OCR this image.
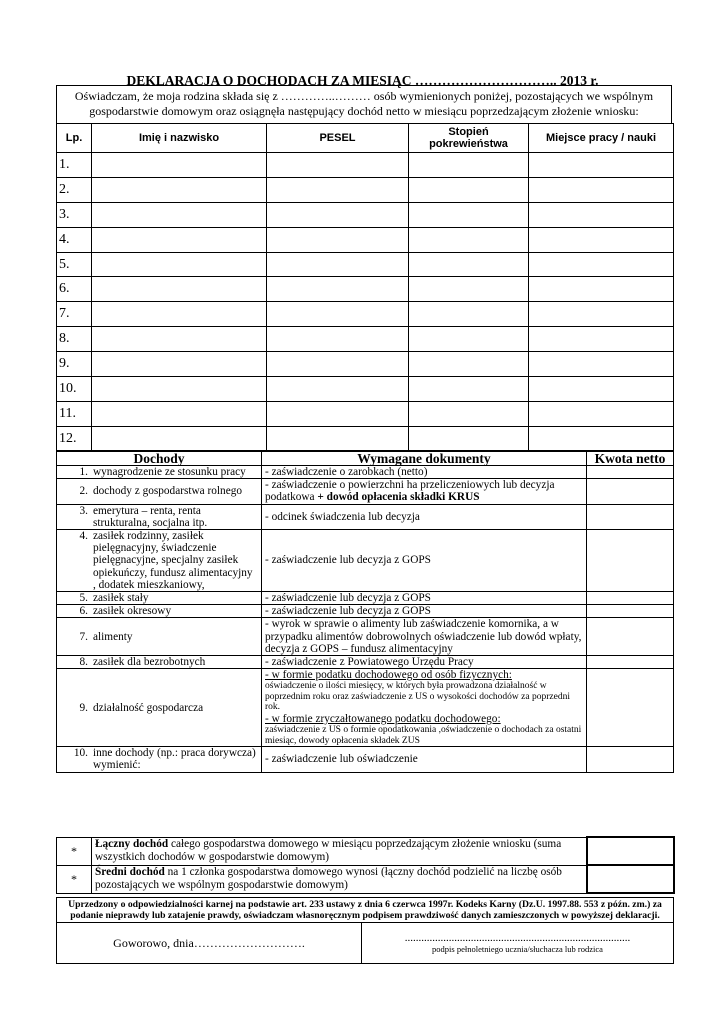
DEKLARACJA O DOCHODACH ZA MIESIĄC ………………………….. 2013 r.
Oświadczam, że moja rodzina składa się z …………..……… osób wymienionych poniżej, pozostających we wspólnym gospodarstwie domowym oraz osiągnęła następujący dochód netto w miesiącu poprzedzającym złożenie wniosku:
Lp.	Imię i nazwisko	PESEL	Stopień pokrewieństwa	Miejsce pracy / nauki
1.				
2.				
3.				
4.				
5.				
6.				
7.				
8.				
9.				
10.				
11.				
12.				
Dochody	Wymagane dokumenty	Kwota netto

1. wynagrodzenie ze stosunku pracy	- zaświadczenie o zarobkach (netto)	

2. dochody z gospodarstwa rolnego	- zaświadczenie o powierzchni ha przeliczeniowych lub decyzja podatkowa + dowód opłacenia składki KRUS	

3. emerytura – renta, renta strukturalna, socjalna itp.	- odcinek świadczenia lub decyzja	

4. zasiłek rodzinny, zasiłek pielęgnacyjny, świadczenie pielęgnacyjne, specjalny zasiłek opiekuńczy, fundusz alimentacyjny , dodatek mieszkaniowy,	- zaświadczenie lub decyzja z GOPS	

5. zasiłek stały	- zaświadczenie lub decyzja z GOPS	

6. zasiłek okresowy	- zaświadczenie lub decyzja z GOPS	

7. alimenty	- wyrok w sprawie o alimenty lub zaświadczenie komornika, a w przypadku alimentów dobrowolnych oświadczenie lub dowód wpłaty, decyzja z GOPS – fundusz alimentacyjny	

8. zasiłek dla bezrobotnych	- zaświadczenie z Powiatowego Urzędu Pracy	

9. działalność gospodarcza	- w formie podatku dochodowego od osób fizycznych:
oświadczenie o ilości miesięcy, w których była prowadzona działalność w poprzednim roku oraz zaświadczenie z US o wysokości dochodów za poprzedni rok.
- w formie zryczałtowanego podatku dochodowego:
zaświadczenie z US o formie opodatkowania ,oświadczenie o dochodach za ostatni miesiąc, dowody opłacenia składek ZUS	

10. inne dochody (np.: praca dorywcza) wymienić:	- zaświadczenie lub oświadczenie	
*	Łączny dochód całego gospodarstwa domowego w miesiącu poprzedzającym złożenie wniosku (suma wszystkich dochodów w gospodarstwie domowym)	
*	Średni dochód na 1 członka gospodarstwa domowego wynosi (łączny dochód podzielić na liczbę osób pozostających we wspólnym gospodarstwie domowym)	
Uprzedzony o odpowiedzialności karnej na podstawie art. 233 ustawy z dnia 6 czerwca 1997r. Kodeks Karny (Dz.U. 1997.88. 553 z późn. zm.) za podanie nieprawdy lub zatajenie prawdy, oświadczam własnoręcznym podpisem prawdziwość danych zamieszczonych w powyższej deklaracji.
Goworowo, dnia……………………….	..................................................................................
podpis pełnoletniego ucznia/słuchacza lub rodzica
